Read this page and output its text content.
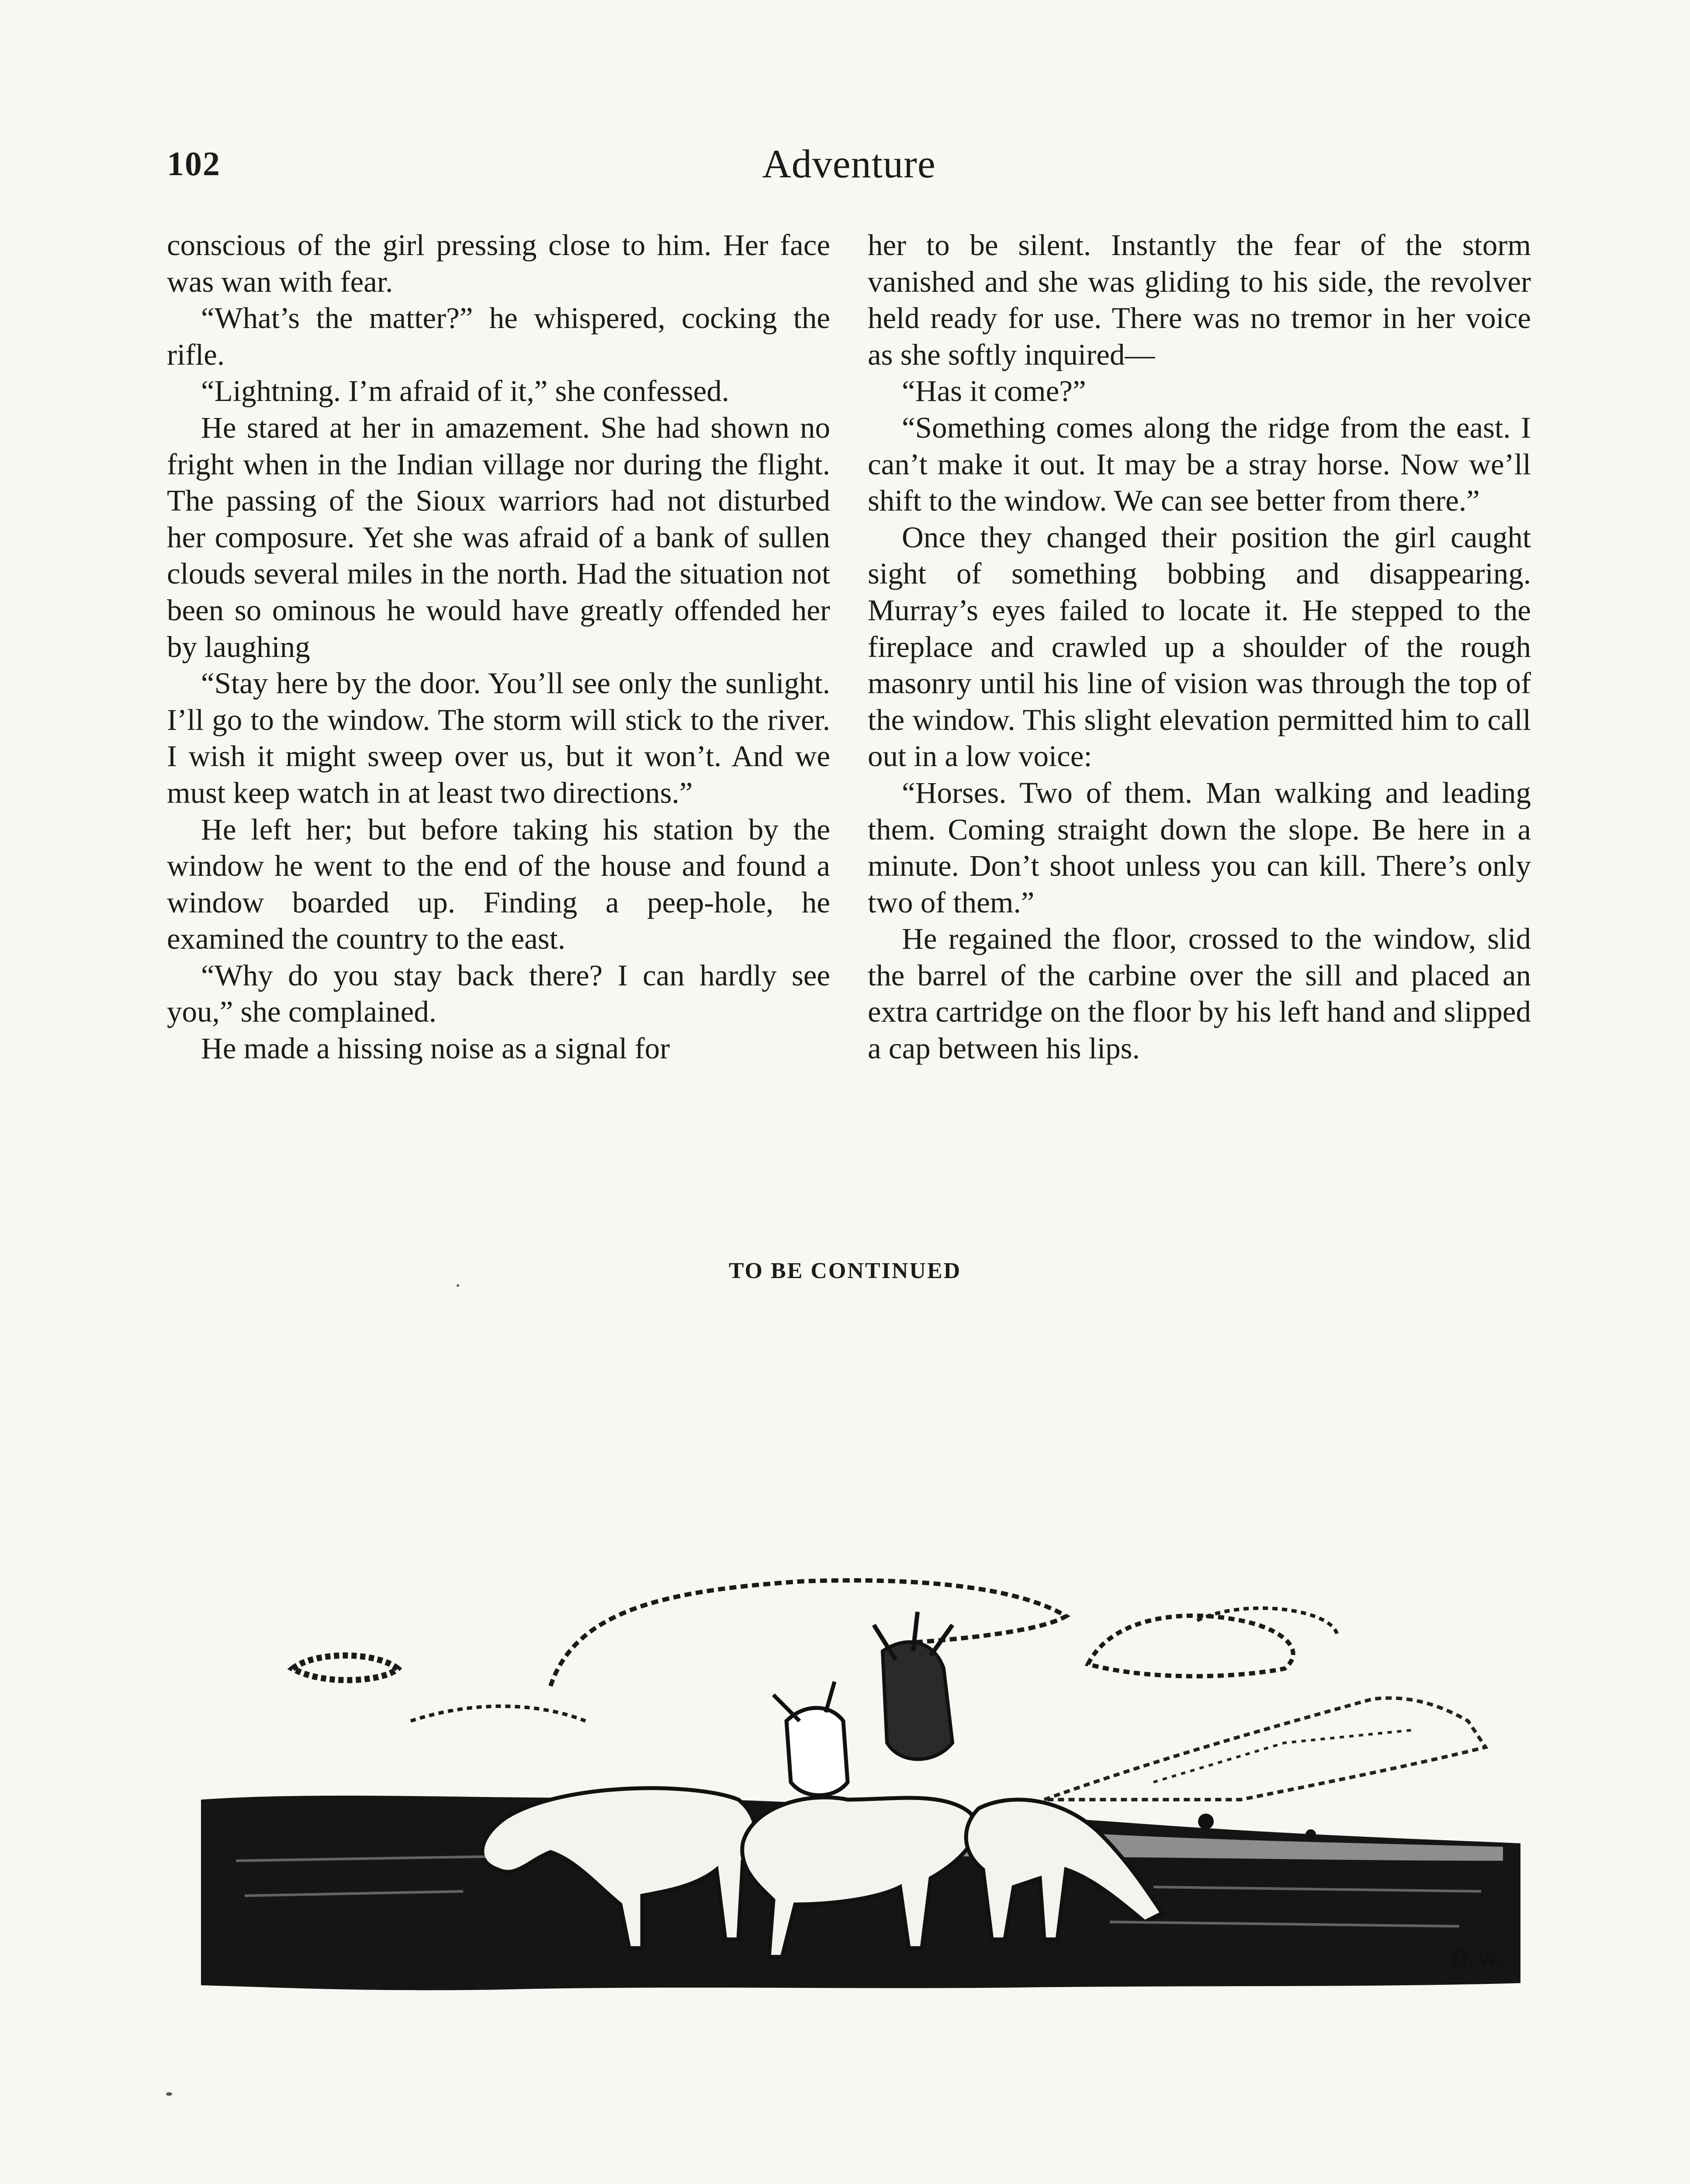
102	Adventure

conscious of the girl pressing close to him. Her face was wan with fear.

“What’s the matter?” he whispered, cocking the rifle.

“Lightning. I’m afraid of it,” she confessed.

He stared at her in amazement. She had shown no fright when in the Indian village nor during the flight. The passing of the Sioux warriors had not disturbed her composure. Yet she was afraid of a bank of sullen clouds several miles in the north. Had the situation not been so ominous he would have greatly offended her by laughing

“Stay here by the door. You’ll see only the sunlight. I’ll go to the window. The storm will stick to the river. I wish it might sweep over us, but it won’t. And we must keep watch in at least two directions.”

He left her; but before taking his station by the window he went to the end of the house and found a window boarded up. Finding a peep-hole, he examined the country to the east.

“Why do you stay back there? I can hardly see you,” she complained.

He made a hissing noise as a signal for

her to be silent. Instantly the fear of the storm vanished and she was gliding to his side, the revolver held ready for use. There was no tremor in her voice as she softly inquired—

“Has it come?”

“Something comes along the ridge from the east. I can’t make it out. It may be a stray horse. Now we’ll shift to the window. We can see better from there.”

Once they changed their position the girl caught sight of something bobbing and disappearing. Murray’s eyes failed to locate it. He stepped to the fireplace and crawled up a shoulder of the rough masonry until his line of vision was through the top of the window. This slight elevation permitted him to call out in a low voice:

“Horses. Two of them. Man walking and leading them. Coming straight down the slope. Be here in a minute. Don’t shoot unless you can kill. There’s only two of them.”

He regained the floor, crossed to the window, slid the barrel of the carbine over the sill and placed an extra cartridge on the floor by his left hand and slipped a cap between his lips.

TO BE CONTINUED
D.W.
